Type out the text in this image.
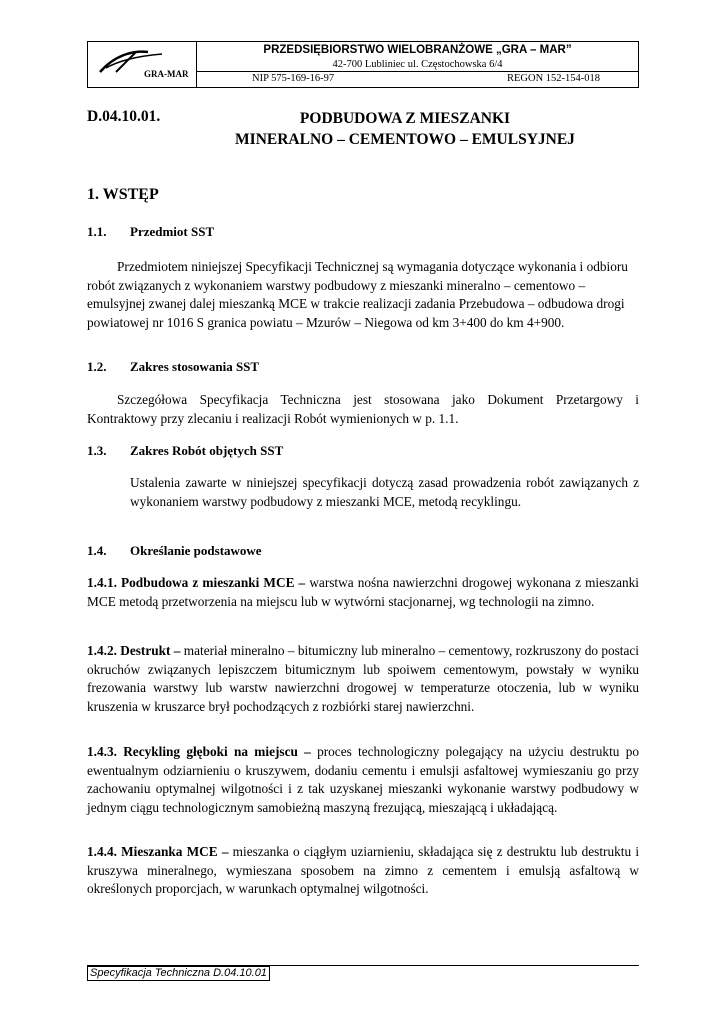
GRA-MAR
PRZEDSIĘBIORSTWO WIELOBRANŻOWE „GRA – MAR”
42-700 Lubliniec ul. Częstochowska 6/4
NIP 575-169-16-97	REGON 152-154-018
D.04.10.01.	PODBUDOWA Z MIESZANKI
MINERALNO – CEMENTOWO – EMULSYJNEJ
1. WSTĘP
1.1. Przedmiot SST
Przedmiotem niniejszej Specyfikacji Technicznej są wymagania dotyczące wykonania i odbioru robót związanych z wykonaniem warstwy podbudowy z mieszanki mineralno – cementowo – emulsyjnej zwanej dalej mieszanką MCE w trakcie realizacji zadania Przebudowa – odbudowa drogi powiatowej nr 1016 S granica powiatu – Mzurów – Niegowa od km 3+400 do km 4+900.
1.2. Zakres stosowania SST
Szczegółowa Specyfikacja Techniczna jest stosowana jako Dokument Przetargowy i Kontraktowy przy zlecaniu i realizacji Robót wymienionych w p. 1.1.
1.3. Zakres Robót objętych SST
Ustalenia zawarte w niniejszej specyfikacji dotyczą zasad prowadzenia robót zawiązanych z wykonaniem warstwy podbudowy z mieszanki MCE, metodą recyklingu.
1.4. Określanie podstawowe
1.4.1. Podbudowa z mieszanki MCE – warstwa nośna nawierzchni drogowej wykonana z mieszanki MCE metodą przetworzenia na miejscu lub w wytwórni stacjonarnej, wg technologii na zimno.
1.4.2. Destrukt – materiał mineralno – bitumiczny lub mineralno – cementowy, rozkruszony do postaci okruchów związanych lepiszczem bitumicznym lub spoiwem cementowym, powstały w wyniku frezowania warstwy lub warstw nawierzchni drogowej w temperaturze otoczenia, lub w wyniku kruszenia w kruszarce brył pochodzących z rozbiórki starej nawierzchni.
1.4.3. Recykling głęboki na miejscu – proces technologiczny polegający na użyciu destruktu po ewentualnym odziarnieniu o kruszywem, dodaniu cementu i emulsji asfaltowej wymieszaniu go przy zachowaniu optymalnej wilgotności i z tak uzyskanej mieszanki wykonanie warstwy podbudowy w jednym ciągu technologicznym samobieżną maszyną frezującą, mieszającą i układającą.
1.4.4. Mieszanka MCE – mieszanka o ciągłym uziarnieniu, składająca się z destruktu lub destruktu i kruszywa mineralnego, wymieszana sposobem na zimno z cementem i emulsją asfaltową w określonych proporcjach, w warunkach optymalnej wilgotności.
Specyfikacja Techniczna D.04.10.01
